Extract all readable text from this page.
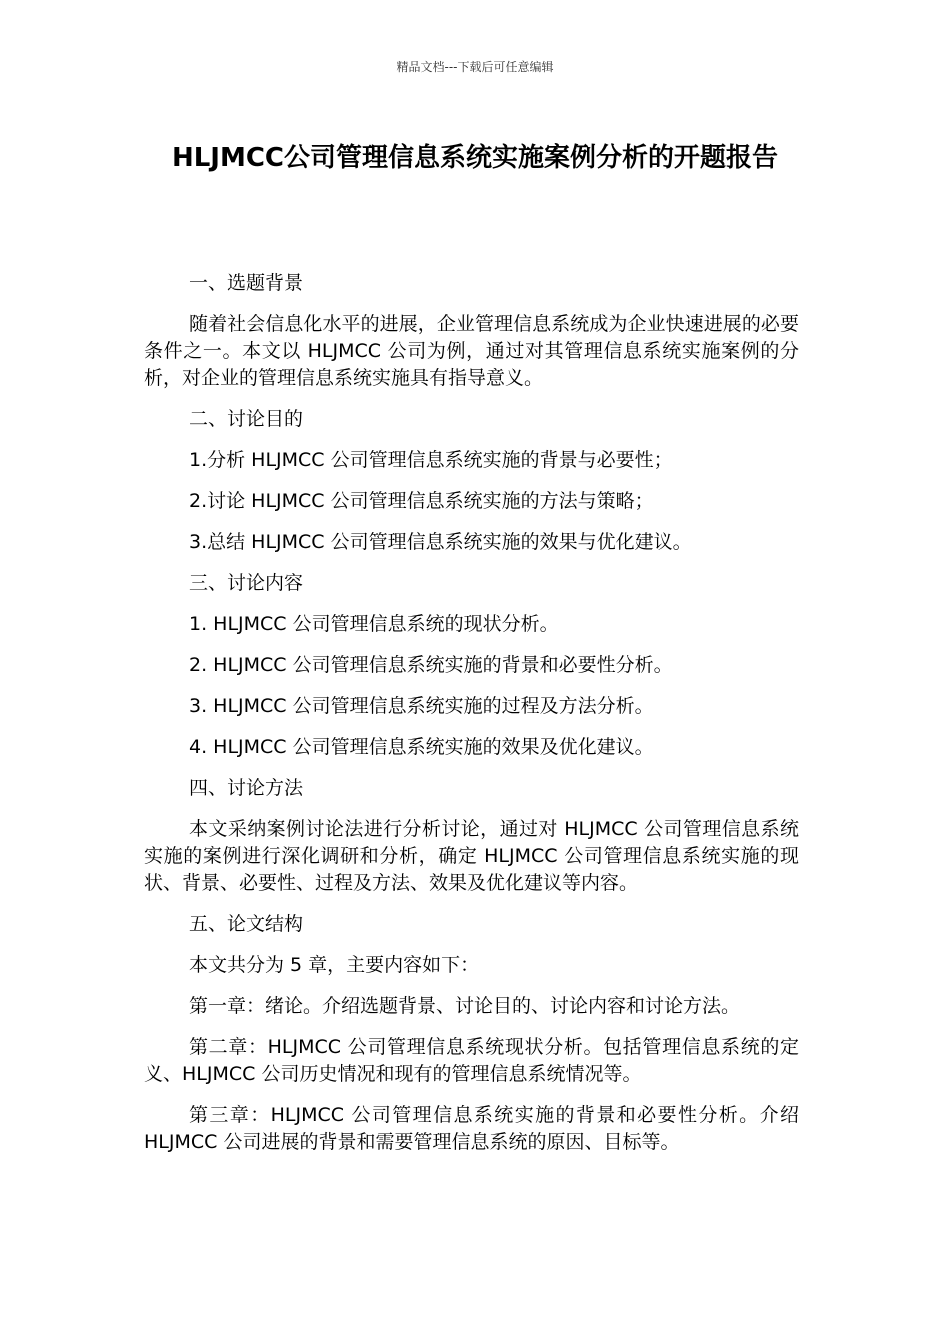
精品文档---下载后可任意编辑
HLJMCC公司管理信息系统实施案例分析的开题报告

一、选题背景

随着社会信息化水平的进展，企业管理信息系统成为企业快速进展的必要条件之一。本文以 HLJMCC 公司为例，通过对其管理信息系统实施案例的分析，对企业的管理信息系统实施具有指导意义。

二、讨论目的

1.分析 HLJMCC 公司管理信息系统实施的背景与必要性；

2.讨论 HLJMCC 公司管理信息系统实施的方法与策略；

3.总结 HLJMCC 公司管理信息系统实施的效果与优化建议。

三、讨论内容

1. HLJMCC 公司管理信息系统的现状分析。

2. HLJMCC 公司管理信息系统实施的背景和必要性分析。

3. HLJMCC 公司管理信息系统实施的过程及方法分析。

4. HLJMCC 公司管理信息系统实施的效果及优化建议。

四、讨论方法

本文采纳案例讨论法进行分析讨论，通过对 HLJMCC 公司管理信息系统实施的案例进行深化调研和分析，确定 HLJMCC 公司管理信息系统实施的现状、背景、必要性、过程及方法、效果及优化建议等内容。

五、论文结构

本文共分为 5 章，主要内容如下：

第一章：绪论。介绍选题背景、讨论目的、讨论内容和讨论方法。

第二章：HLJMCC 公司管理信息系统现状分析。包括管理信息系统的定义、HLJMCC 公司历史情况和现有的管理信息系统情况等。

第三章：HLJMCC 公司管理信息系统实施的背景和必要性分析。介绍 HLJMCC 公司进展的背景和需要管理信息系统的原因、目标等。
